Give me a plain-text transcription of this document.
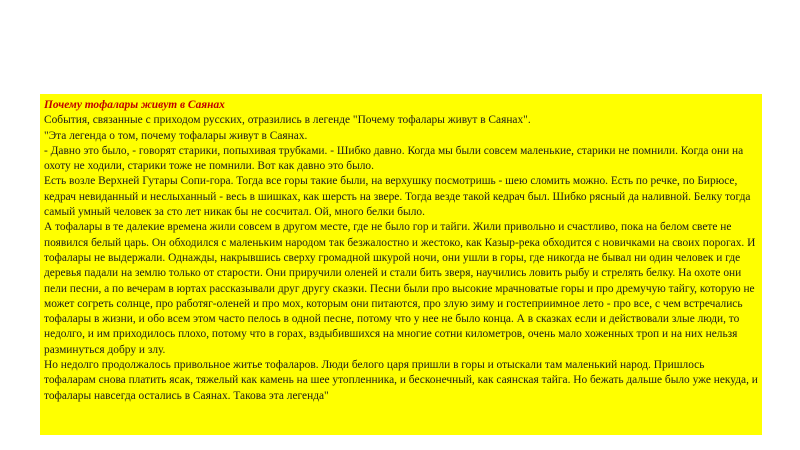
Почему тофалары живут в Саянах
События, связанные с приходом русских, отразились в легенде "Почему тофалары живут в Саянах".
"Эта легенда о том, почему тофалары живут в Саянах.
- Давно это было, - говорят старики, попыхивая трубками. - Шибко давно. Когда мы были совсем маленькие, старики не помнили. Когда они на охоту не ходили, старики тоже не помнили. Вот как давно это было.
Есть возле Верхней Гутары Сопи-гора. Тогда все горы такие были, на верхушку посмотришь - шею сломить можно. Есть по речке, по Бирюсе, кедрач невиданный и неслыханный - весь в шишках, как шерсть на звере. Тогда везде такой кедрач был. Шибко рясный да наливной. Белку тогда самый умный человек за сто лет никак бы не сосчитал. Ой, много белки было.
А тофалары в те далекие времена жили совсем в другом месте, где не было гор и тайги. Жили привольно и счастливо, пока на белом свете не появился белый царь. Он обходился с маленьким народом так безжалостно и жестоко, как Казыр-река обходится с новичками на своих порогах. И тофалары не выдержали. Однажды, накрывшись сверху громадной шкурой ночи, они ушли в горы, где никогда не бывал ни один человек и где деревья падали на землю только от старости. Они приручили оленей и стали бить зверя, научились ловить рыбу и стрелять белку. На охоте они пели песни, а по вечерам в юртах рассказывали друг другу сказки. Песни были про высокие мрачноватые горы и про дремучую тайгу, которую не может согреть солнце, про работяг-оленей и про мох, которым они питаются, про злую зиму и гостеприимное лето - про все, с чем встречались тофалары в жизни, и обо всем этом часто пелось в одной песне, потому что у нее не было конца. А в сказках если и действовали злые люди, то недолго, и им приходилось плохо, потому что в горах, вздыбившихся на многие сотни километров, очень мало хоженных троп и на них нельзя разминуться добру и злу.
Но недолго продолжалось привольное житье тофаларов. Люди белого царя пришли в горы и отыскали там маленький народ. Пришлось тофаларам снова платить ясак, тяжелый как камень на шее утопленника, и бесконечный, как саянская тайга. Но бежать дальше было уже некуда, и тофалары навсегда остались в Саянах. Такова эта легенда"
